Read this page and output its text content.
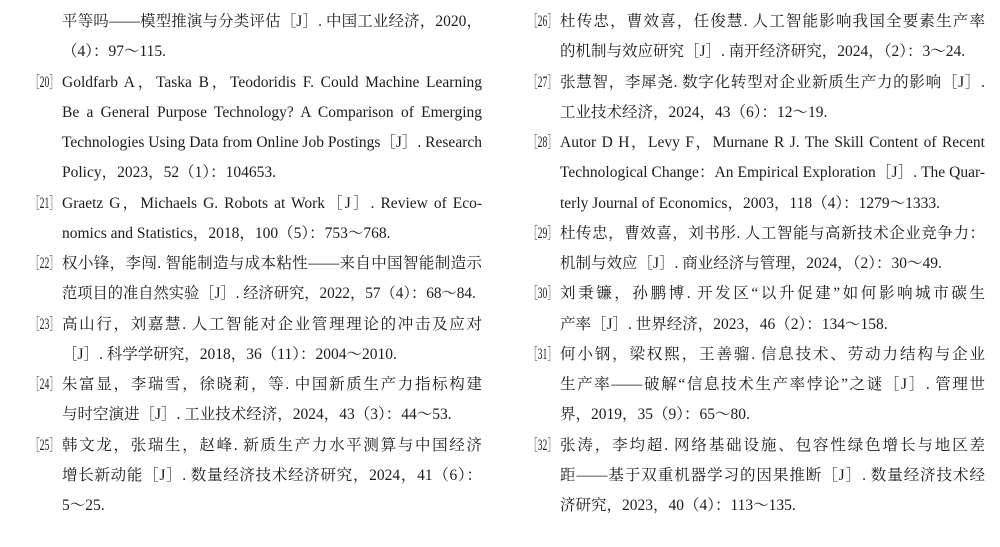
平等吗——模型推演与分类评估［J］. 中国工业经济，2020，
（4）：97～115.
［20］ Goldfarb A，Taska B，Teodoridis F. Could Machine Learning
Be a General Purpose Technology? A Comparison of Emerging
Technologies Using Data from Online Job Postings［J］. Research
Policy，2023，52（1）：104653.
［21］ Graetz G，Michaels G. Robots at Work［J］. Review of Eco-
nomics and Statistics，2018，100（5）：753～768.
［22］ 权小锋，李闯. 智能制造与成本粘性——来自中国智能制造示
范项目的准自然实验［J］. 经济研究，2022，57（4）：68～84.
［23］ 高山行，刘嘉慧. 人工智能对企业管理理论的冲击及应对
［J］. 科学学研究，2018，36（11）：2004～2010.
［24］ 朱富显，李瑞雪，徐晓莉，等. 中国新质生产力指标构建
与时空演进［J］. 工业技术经济，2024，43（3）：44～53.
［25］ 韩文龙，张瑞生，赵峰. 新质生产力水平测算与中国经济
增长新动能［J］. 数量经济技术经济研究，2024，41（6）：
5～25.
［26］ 杜传忠，曹效喜，任俊慧. 人工智能影响我国全要素生产率
的机制与效应研究［J］. 南开经济研究，2024，（2）：3～24.
［27］ 张慧智，李犀尧. 数字化转型对企业新质生产力的影响［J］.
工业技术经济，2024，43（6）：12～19.
［28］ Autor D H，Levy F，Murnane R J. The Skill Content of Recent
Technological Change：An Empirical Exploration［J］. The Quar-
terly Journal of Economics，2003，118（4）：1279～1333.
［29］ 杜传忠，曹效喜，刘书彤. 人工智能与高新技术企业竞争力：
机制与效应［J］. 商业经济与管理，2024，（2）：30～49.
［30］ 刘秉镰，孙鹏博. 开发区“以升促建”如何影响城市碳生
产率［J］. 世界经济，2023，46（2）：134～158.
［31］ 何小钢，梁权熙，王善骝. 信息技术、劳动力结构与企业
生产率——破解“信息技术生产率悖论”之谜［J］. 管理世
界，2019，35（9）：65～80.
［32］ 张涛，李均超. 网络基础设施、包容性绿色增长与地区差
距——基于双重机器学习的因果推断［J］. 数量经济技术经
济研究，2023，40（4）：113～135.
